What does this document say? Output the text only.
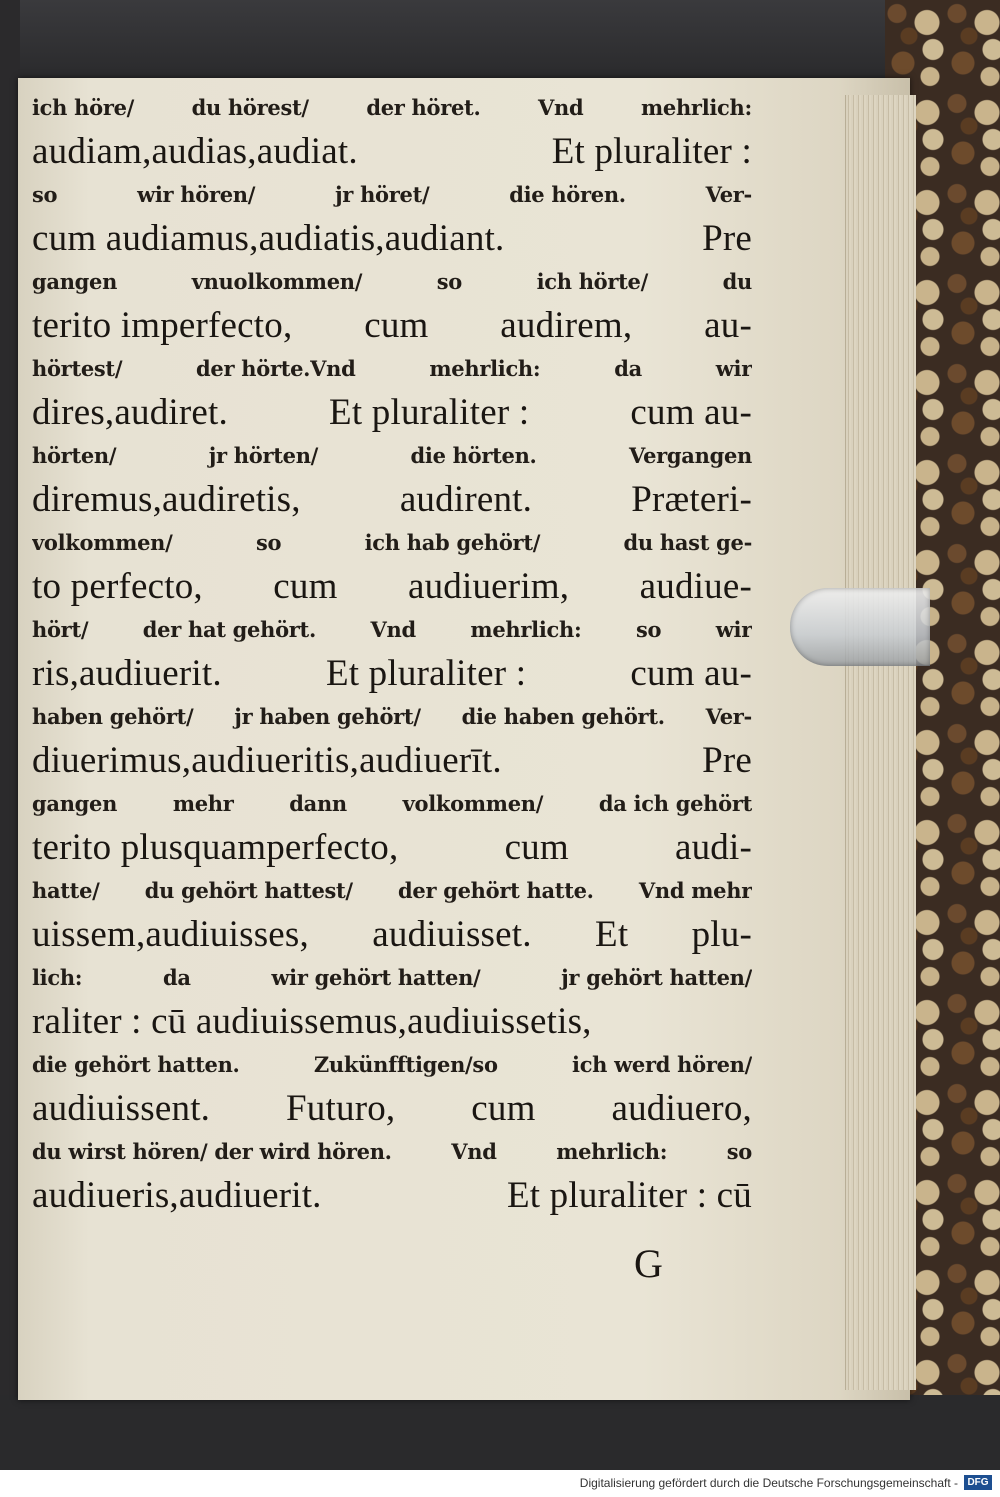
ich höre/	du hörest/	der höret.	Vnd	mehrlich:
audiam,audias,audiat.	Et pluraliter :
so	wir hören/	jr höret/	die hören.	Ver-
cum audiamus,audiatis,audiant.	Pre
gangen	vnuolkommen/	so	ich hörte/	du
terito imperfecto, cum audirem, au-
hörtest/	der hörte.Vnd	mehrlich:	da	wir
dires,audiret.	Et pluraliter :	cum au-
hörten/	jr hörten/	die hörten.	Vergangen
diremus,audiretis,	audirent.	Præteri-
volkommen/	so	ich hab gehört/	du hast ge-
to perfecto, cum audiuerim, audiue-
hört/	der hat gehört.	Vnd	mehrlich:	so	wir
ris,audiuerit.	Et pluraliter :	cum au-
haben gehört/ jr haben gehört/ die haben gehört. Ver-
diuerimus,audiueritis,audiuerīt.	Pre
gangen	mehr	dann	volkommen/	da ich gehört
terito plusquamperfecto,	cum	audi-
hatte/ du gehört hattest/ der gehört hatte. Vnd mehr
uissem,audiuisses, audiuisset. Et plu-
lich:	da	wir gehört hatten/	jr gehört hatten/
raliter : cū audiuissemus,audiuissetis,
die gehört hatten.	Zukünfftigen/so	ich werd hören/
audiuissent. Futuro, cum audiuero,
du wirst hören/ der wird hören.	Vnd	mehrlich:	so
audiueris,audiuerit.	Et pluraliter : cū
G
Digitalisierung gefördert durch die Deutsche Forschungsgemeinschaft - DFG
